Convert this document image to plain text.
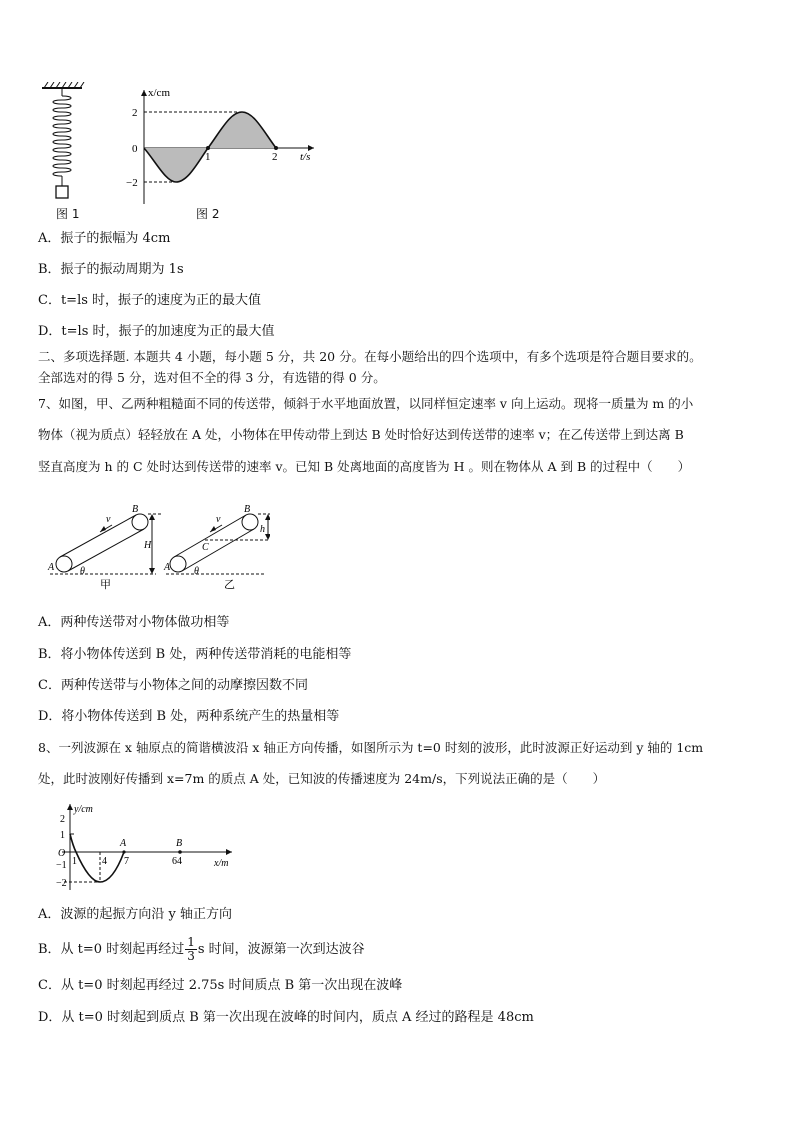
x/cm
t/s
2
0
−2
1	2
图 1	图 2
A．振子的振幅为 4cm
B．振子的振动周期为 1s
C．t=ls 时，振子的速度为正的最大值
D．t=ls 时，振子的加速度为正的最大值
二、多项选择题. 本题共 4 小题，每小题 5 分，共 20 分。在每小题给出的四个选项中，有多个选项是符合题目要求的。
全部选对的得 5 分，选对但不全的得 3 分，有选错的得 0 分。
7、如图，甲、乙两种粗糙面不同的传送带，倾斜于水平地面放置，以同样恒定速率 v 向上运动。现将一质量为 m 的小
物体（视为质点）轻轻放在 A 处，小物体在甲传动带上到达 B 处时恰好达到传送带的速率 v；在乙传送带上到达离 B
竖直高度为 h 的 C 处时达到传送带的速率 v。已知 B 处离地面的高度皆为 H 。则在物体从 A 到 B 的过程中（　　）
A
B
v
H
θ
甲
A
B
C
v
h
θ
乙
A．两种传送带对小物体做功相等
B．将小物体传送到 B 处，两种传送带消耗的电能相等
C．两种传送带与小物体之间的动摩擦因数不同
D．将小物体传送到 B 处，两种系统产生的热量相等
8、一列波源在 x 轴原点的简谐横波沿 x 轴正方向传播，如图所示为 t=0 时刻的波形，此时波源正好运动到 y 轴的 1cm
处，此时波刚好传播到 x=7m 的质点 A 处，已知波的传播速度为 24m/s，下列说法正确的是（　　）
y/cm
x/m
O
2
1
−1
−2
1	4 7	64
A	B
A．波源的起振方向沿 y 轴正方向
B．从 t=0 时刻起再经过 $\frac{1}{3}$ s 时间，波源第一次到达波谷
C．从 t=0 时刻起再经过 2.75s 时间质点 B 第一次出现在波峰
D．从 t=0 时刻起到质点 B 第一次出现在波峰的时间内，质点 A 经过的路程是 48cm
